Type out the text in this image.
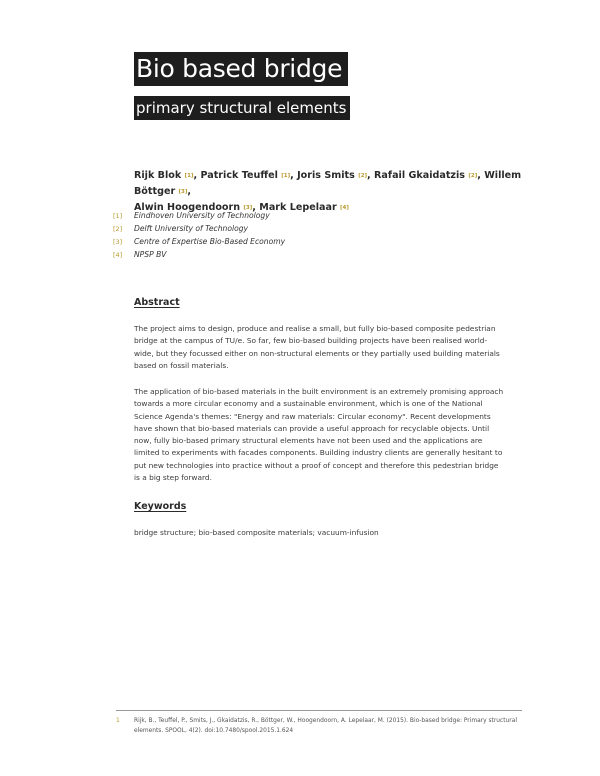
Bio based bridge
primary structural elements
Rijk Blok [1], Patrick Teuffel [1], Joris Smits [2], Rafail Gkaidatzis [2], Willem Böttger [3],
Alwin Hoogendoorn [3], Mark Lepelaar [4]
[1] Eindhoven University of Technology
[2] Delft University of Technology
[3] Centre of Expertise Bio-Based Economy
[4] NPSP BV
Abstract
The project aims to design, produce and realise a small, but fully bio-based composite pedestrian bridge at the campus of TU/e. So far, few bio-based building projects have been realised world-wide, but they focussed either on non-structural elements or they partially used building materials based on fossil materials.
The application of bio-based materials in the built environment is an extremely promising approach towards a more circular economy and a sustainable environment, which is one of the National Science Agenda's themes: "Energy and raw materials: Circular economy". Recent developments have shown that bio-based materials can provide a useful approach for recyclable objects. Until now, fully bio-based primary structural elements have not been used and the applications are limited to experiments with facades components. Building industry clients are generally hesitant to put new technologies into practice without a proof of concept and therefore this pedestrian bridge is a big step forward.
Keywords
bridge structure; bio-based composite materials; vacuum-infusion
1	Rijk, B., Teuffel, P., Smits, J., Gkaidatzis, R., Böttger, W., Hoogendoorn, A. Lepelaar, M. (2015). Bio-based bridge: Primary structural elements. SPOOL, 4(2). doi:10.7480/spool.2015.1.624
